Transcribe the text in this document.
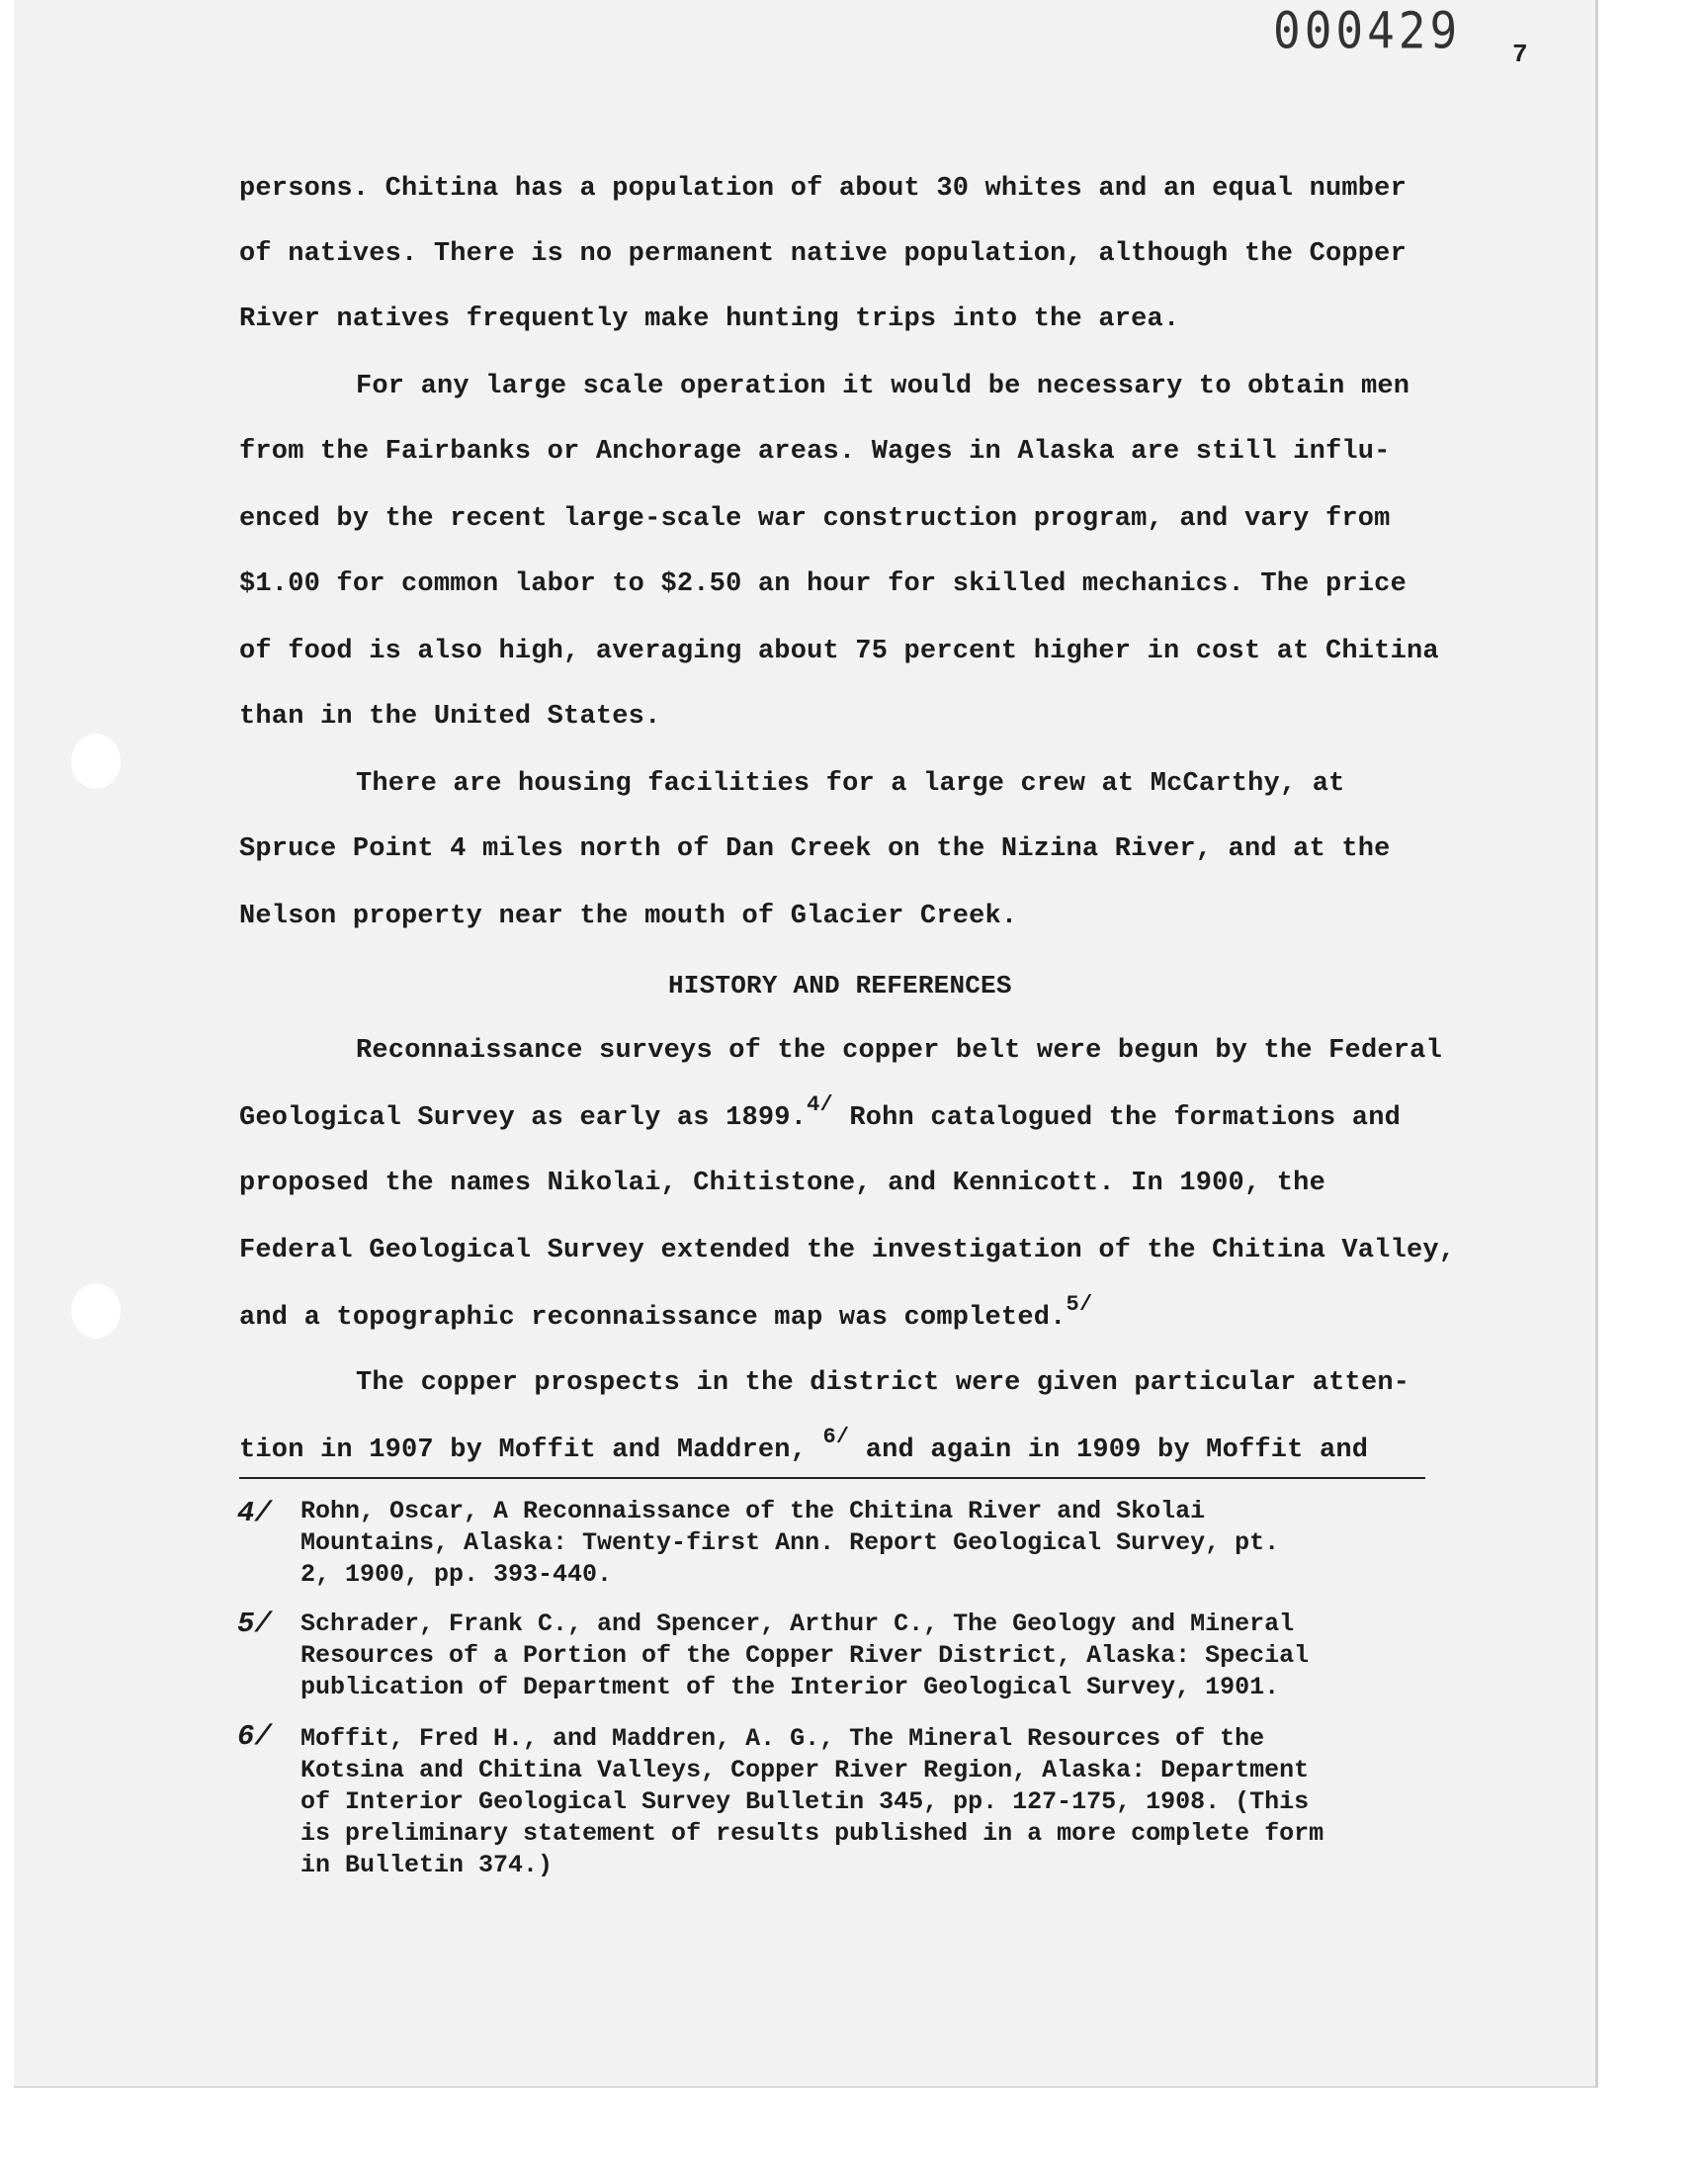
000429 7
persons. Chitina has a population of about 30 whites and an equal number
of natives. There is no permanent native population, although the Copper
River natives frequently make hunting trips into the area.
For any large scale operation it would be necessary to obtain men
from the Fairbanks or Anchorage areas. Wages in Alaska are still influ-
enced by the recent large-scale war construction program, and vary from
$1.00 for common labor to $2.50 an hour for skilled mechanics. The price
of food is also high, averaging about 75 percent higher in cost at Chitina
than in the United States.
There are housing facilities for a large crew at McCarthy, at
Spruce Point 4 miles north of Dan Creek on the Nizina River, and at the
Nelson property near the mouth of Glacier Creek.
HISTORY AND REFERENCES
Reconnaissance surveys of the copper belt were begun by the Federal
Geological Survey as early as 1899.$^{4/}$ Rohn catalogued the formations and
proposed the names Nikolai, Chitistone, and Kennicott. In 1900, the
Federal Geological Survey extended the investigation of the Chitina Valley,
and a topographic reconnaissance map was completed.$^{5/}$
The copper prospects in the district were given particular atten-
tion in 1907 by Moffit and Maddren, $^{6/}$ and again in 1909 by Moffit and
4/ Rohn, Oscar, A Reconnaissance of the Chitina River and Skolai
Mountains, Alaska: Twenty-first Ann. Report Geological Survey, pt.
2, 1900, pp. 393-440.
5/ Schrader, Frank C., and Spencer, Arthur C., The Geology and Mineral
Resources of a Portion of the Copper River District, Alaska: Special
publication of Department of the Interior Geological Survey, 1901.
6/ Moffit, Fred H., and Maddren, A. G., The Mineral Resources of the
Kotsina and Chitina Valleys, Copper River Region, Alaska: Department
of Interior Geological Survey Bulletin 345, pp. 127-175, 1908. (This
is preliminary statement of results published in a more complete form
in Bulletin 374.)
